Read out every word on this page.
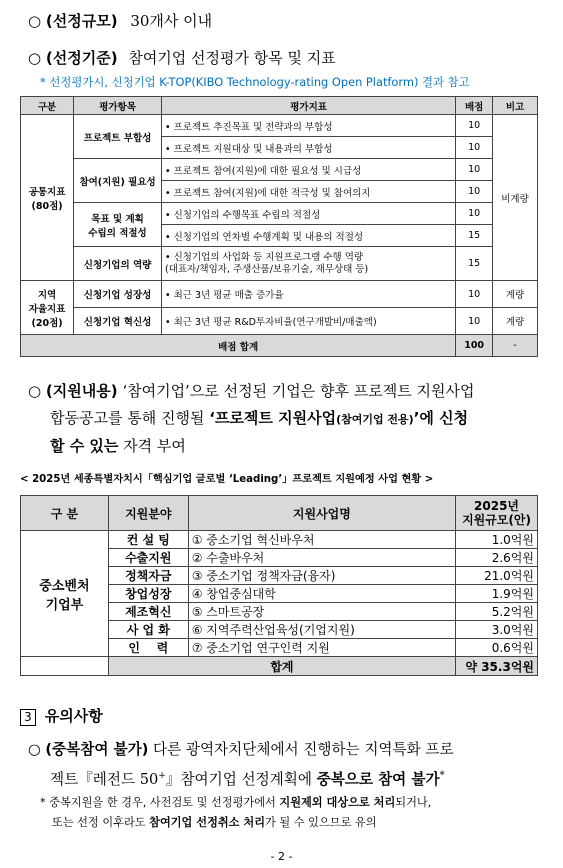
○ (선정규모) 30개사 이내
○ (선정기준) 참여기업 선정평가 항목 및 지표
* 선정평가시, 신청기업 K-TOP(KIBO Technology-rating Open Platform) 결과 참고
구분	평가항목	평가지표	배점	비고
공통지표
(80점)	프로젝트 부합성	• 프로젝트 추진목표 및 전략과의 부합성	10	비계량
		• 프로젝트 지원대상 및 내용과의 부합성	10	
	참여(지원) 필요성	• 프로젝트 참여(지원)에 대한 필요성 및 시급성	10	
		• 프로젝트 참여(지원)에 대한 적극성 및 참여의지	10	
	목표 및 계획
수립의 적절성	• 신청기업의 수행목표 수립의 적절성	10	
		• 신청기업의 연차별 수행계획 및 내용의 적절성	15	
	신청기업의 역량	• 신청기업의 사업화 등 지원프로그램 수행 역량
(대표자/책임자, 주생산품/보유기술, 재무상태 등)	15	
지역
자율지표
(20점)	신청기업 성장성	• 최근 3년 평균 매출 증가율	10	계량
	신청기업 혁신성	• 최근 3년 평균 R&D투자비율(연구개발비/매출액)	10	계량
배점 합계			100	-
○ (지원내용) ‘참여기업’으로 선정된 기업은 향후 프로젝트 지원사업
합동공고를 통해 진행될 ‘프로젝트 지원사업(참여기업 전용)’에 신청
할 수 있는 자격 부여
< 2025년 세종특별자치시「핵심기업 글로벌 ‘Leading’」프로젝트 지원예정 사업 현황 >
구 분	지원분야	지원사업명	2025년
지원규모(안)
중소벤처
기업부	컨 설 팅	① 중소기업 혁신바우처	1.0억원
	수출지원	② 수출바우처	2.6억원
	정책자금	③ 중소기업 정책자금(융자)	21.0억원
	창업성장	④ 창업중심대학	1.9억원
	제조혁신	⑤ 스마트공장	5.2억원
	사 업 화	⑥ 지역주력산업육성(기업지원)	3.0억원
	인    력	⑦ 중소기업 연구인력 지원	0.6억원
	합계		약 35.3억원
3 유의사항
○ (중복참여 불가) 다른 광역자치단체에서 진행하는 지역특화 프로
젝트『레전드 50+』참여기업 선정계획에 중복으로 참여 불가*
* 중복지원을 한 경우, 사전검토 및 선정평가에서 지원제외 대상으로 처리되거나,
또는 선정 이후라도 참여기업 선정취소 처리가 될 수 있으므로 유의
- 2 -
